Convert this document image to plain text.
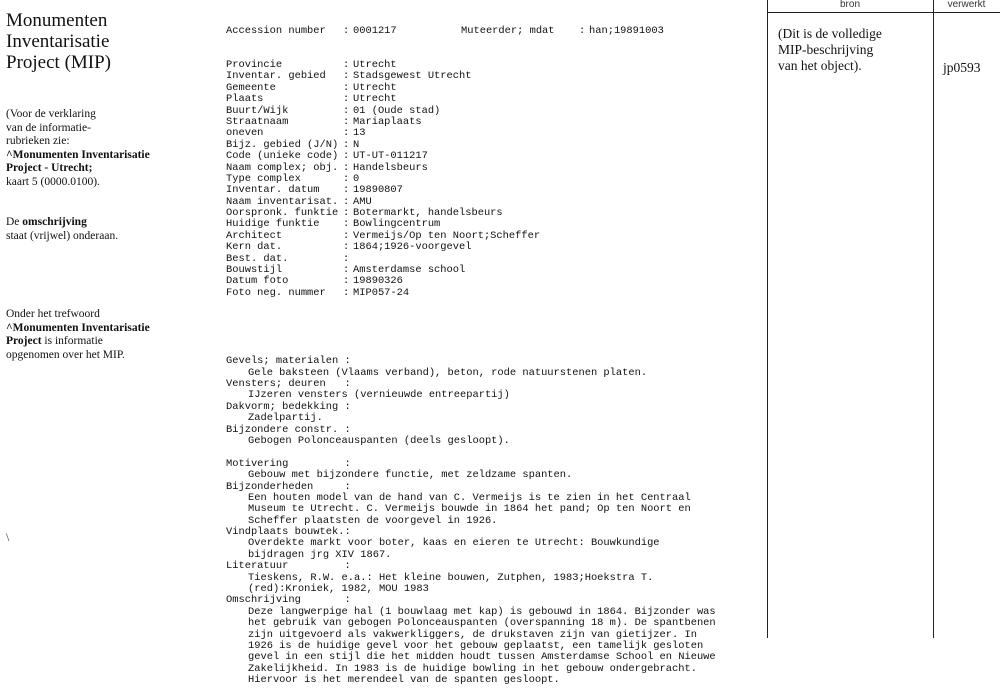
Monumenten
Inventarisatie
Project (MIP)
(Voor de verklaring
van de informatie-
rubrieken zie:
^Monumenten Inventarisatie
Project - Utrecht;
kaart 5 (0000.0100).
De omschrijving
staat (vrijwel) onderaan.
Onder het trefwoord
^Monumenten Inventarisatie
Project is informatie
opgenomen over het MIP.
\

Accession number : 0001217	Muteerder; mdat : han;19891003

Provincie	: Utrecht
Inventar. gebied : Stadsgewest Utrecht
Gemeente	: Utrecht
Plaats	: Utrecht
Buurt/Wijk	: 01 (Oude stad)
Straatnaam	: Mariaplaats
oneven	: 13
Bijz. gebied (J/N) : N
Code (unieke code) : UT-UT-011217
Naam complex; obj. : Handelsbeurs
Type complex	: 0
Inventar. datum : 19890807
Naam inventarisat. : AMU
Oorspronk. funktie : Botermarkt, handelsbeurs
Huidige funktie : Bowlingcentrum
Architect	: Vermeijs/Op ten Noort;Scheffer
Kern dat.	: 1864;1926-voorgevel
Best. dat.	:
Bouwstijl	: Amsterdamse school
Datum foto	: 19890326
Foto neg. nummer : MIP057-24

Gevels; materialen :
Gele baksteen (Vlaams verband), beton, rode natuurstenen platen.
Vensters; deuren   :
IJzeren vensters (vernieuwde entreepartij)
Dakvorm; bedekking :
Zadelpartij.
Bijzondere constr. :
Gebogen Polonceauspanten (deels gesloopt).
Motivering         :
Gebouw met bijzondere functie, met zeldzame spanten.
Bijzonderheden     :
Een houten model van de hand van C. Vermeijs is te zien in het Centraal
Museum te Utrecht. C. Vermeijs bouwde in 1864 het pand; Op ten Noort en
Scheffer plaatsten de voorgevel in 1926.
Vindplaats bouwtek.:
Overdekte markt voor boter, kaas en eieren te Utrecht: Bouwkundige
bijdragen jrg XIV 1867.
Literatuur         :
Tieskens, R.W. e.a.: Het kleine bouwen, Zutphen, 1983;Hoekstra T.
(red):Kroniek, 1982, MOU 1983
Omschrijving       :
Deze langwerpige hal (1 bouwlaag met kap) is gebouwd in 1864. Bijzonder was
het gebruik van gebogen Polonceauspanten (overspanning 18 m). De spantbenen
zijn uitgevoerd als vakwerkliggers, de drukstaven zijn van gietijzer. In
1926 is de huidige gevel voor het gebouw geplaatst, een tamelijk gesloten
gevel in een stijl die het midden houdt tussen Amsterdamse School en Nieuwe
Zakelijkheid. In 1983 is de huidige bowling in het gebouw ondergebracht.
Hiervoor is het merendeel van de spanten gesloopt.

bron	verwerkt
(Dit is de volledige
MIP-beschrijving
van het object).	jp0593
